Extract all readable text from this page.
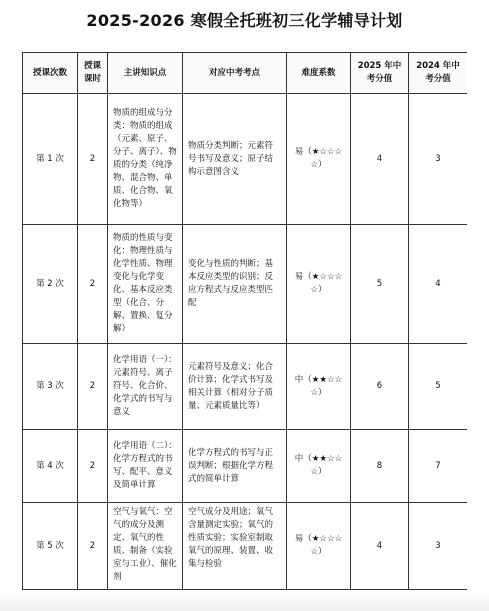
2025-2026 寒假全托班初三化学辅导计划
授课次数	授课课时	主讲知识点	对应中考考点	难度系数	2025 年中考分值	2024 年中考分值
第 1 次	2	物质的组成与分类：物质的组成（元素、原子、分子、离子）、物质的分类（纯净物、混合物、单质、化合物、氧化物等）	物质分类判断；元素符号书写及意义；原子结构示意图含义	易（★☆☆☆☆）	4	3
第 2 次	2	物质的性质与变化：物理性质与化学性质、物理变化与化学变化、基本反应类型（化合、分解、置换、复分解）	变化与性质的判断；基本反应类型的识别；反应方程式与反应类型匹配	易（★☆☆☆☆）	5	4
第 3 次	2	化学用语（一）：元素符号、离子符号、化合价、化学式的书写与意义	元素符号及意义；化合价计算；化学式书写及相关计算（相对分子质量、元素质量比等）	中（★★☆☆☆）	6	5
第 4 次	2	化学用语（二）：化学方程式的书写、配平、意义及简单计算	化学方程式的书写与正误判断；根据化学方程式的简单计算	中（★★☆☆☆）	8	7
第 5 次	2	空气与氧气：空气的成分及测定、氧气的性质、制备（实验室与工业）、催化剂	空气成分及用途；氧气含量测定实验；氧气的性质实验；实验室制取氧气的原理、装置、收集与检验	易（★☆☆☆☆）	4	3
